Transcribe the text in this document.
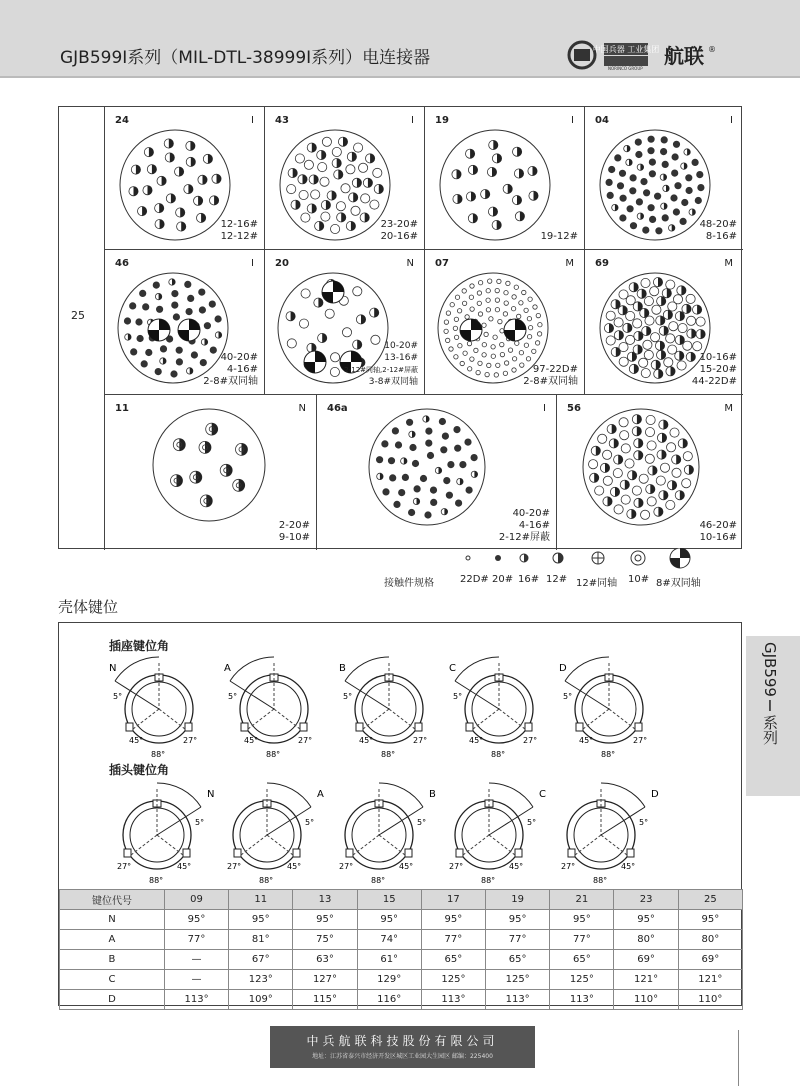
GJB599Ⅰ系列（MIL-DTL-38999Ⅰ系列）电连接器	中国兵器 工业集团
NORINCO GROUP
航联 ®
25
24	I
12-16#
12-12#
43	I
23-20#
20-16#
19	I
19-12#
04	I
48-20#
8-16#
46	I
40-20#
4-16#
2-8#双同轴
20	N
10-20#
13-16#
2-12#同轴,2-12#屏蔽
3-8#双同轴
07	M
97-22D#
2-8#双同轴
69	M
10-16#
15-20#
44-22D#
11	N
2-20#
9-10#
46a	I
40-20#
4-16#
2-12#屏蔽
56	M
46-20#
10-16#
接触件规格	22D# 20# 16# 12# 12#同轴 10# 8#双同轴
壳体键位
插座键位角
插头键位角
N
5°
45°	27°
88°
A
5°
45°	27°
88°
B
5°
45°	27°
88°
C
5°
45°	27°
88°
D
5°
45°	27°
88°
N
5°
45°
27°
88°
A
5°
45°
27°
88°
B
5°
45°
27°
88°
C
5°
45°
27°
88°
D
5°
45°
27°
88°
键位代号	09	11	13	15	17	19	21	23	25
N	95°	95°	95°	95°	95°	95°	95°	95°	95°
A	77°	81°	75°	74°	77°	77°	77°	80°	80°
B	—	67°	63°	61°	65°	65°	65°	69°	69°
C	—	123°	127°	129°	125°	125°	125°	121°	121°
D	113°	109°	115°	116°	113°	113°	113°	110°	110°
GJB599Ⅰ系列
中兵航联科技股份有限公司
地址：江苏省泰兴市经济开发区城区工业园大生园区 邮编：225400
